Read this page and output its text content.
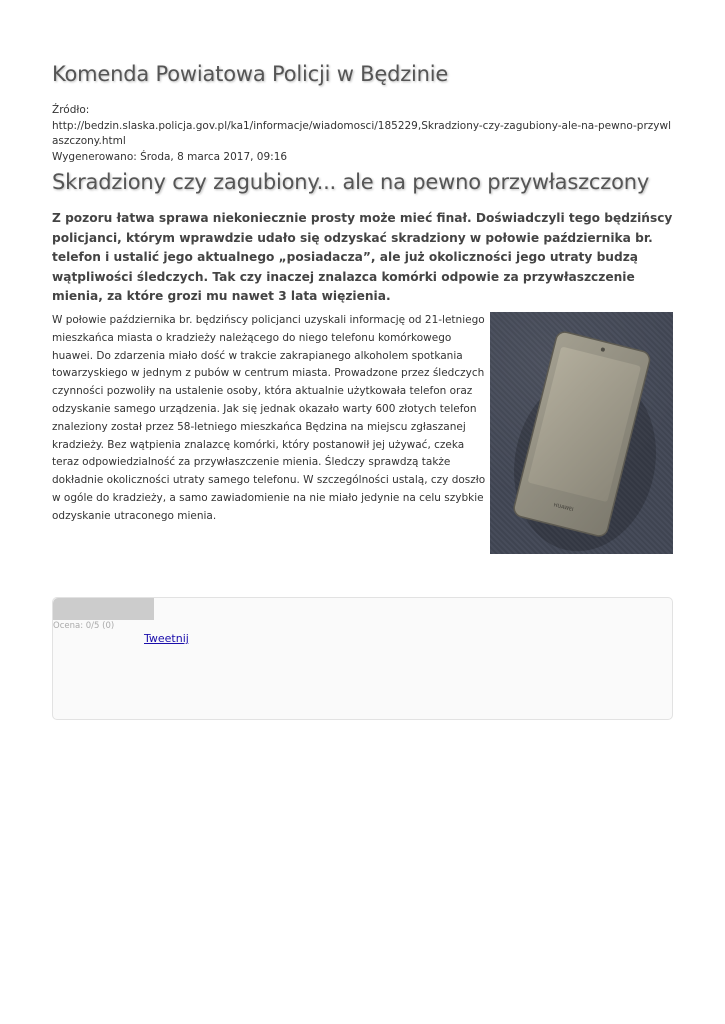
Komenda Powiatowa Policji w Będzinie
Źródło:

http://bedzin.slaska.policja.gov.pl/ka1/informacje/wiadomosci/185229,Skradziony-czy-zagubiony-ale-na-pewno-przywlaszczony.html
Wygenerowano: Środa, 8 marca 2017, 09:16
Skradziony czy zagubiony... ale na pewno przywłaszczony

Z pozoru łatwa sprawa niekoniecznie prosty może mieć finał. Doświadczyli tego będzińscy policjanci, którym wprawdzie udało się odzyskać skradziony w połowie października br. telefon i ustalić jego aktualnego „posiadacza”, ale już okoliczności jego utraty budzą wątpliwości śledczych. Tak czy inaczej znalazca komórki odpowie za przywłaszczenie mienia, za które grozi mu nawet 3 lata więzienia.

W połowie października br. będzińscy policjanci uzyskali informację od 21-letniego mieszkańca miasta o kradzieży należącego do niego telefonu komórkowego huawei. Do zdarzenia miało dość w trakcie zakrapianego alkoholem spotkania towarzyskiego w jednym z pubów w centrum miasta. Prowadzone przez śledczych czynności pozwoliły na ustalenie osoby, która aktualnie użytkowała telefon oraz odzyskanie samego urządzenia. Jak się jednak okazało warty 600 złotych telefon znaleziony został przez 58-letniego mieszkańca Będzina na miejscu zgłaszanej kradzieży. Bez wątpienia znalazcę komórki, który postanowił jej używać, czeka teraz odpowiedzialność za przywłaszczenie mienia. Śledczy sprawdzą także dokładnie okoliczności utraty samego telefonu. W szczególności ustalą, czy doszło w ogóle do kradzieży, a samo zawiadomienie na nie miało jedynie na celu szybkie odzyskanie utraconego mienia.

HUAWEI
Ocena: 0/5 (0)
Tweetnij
